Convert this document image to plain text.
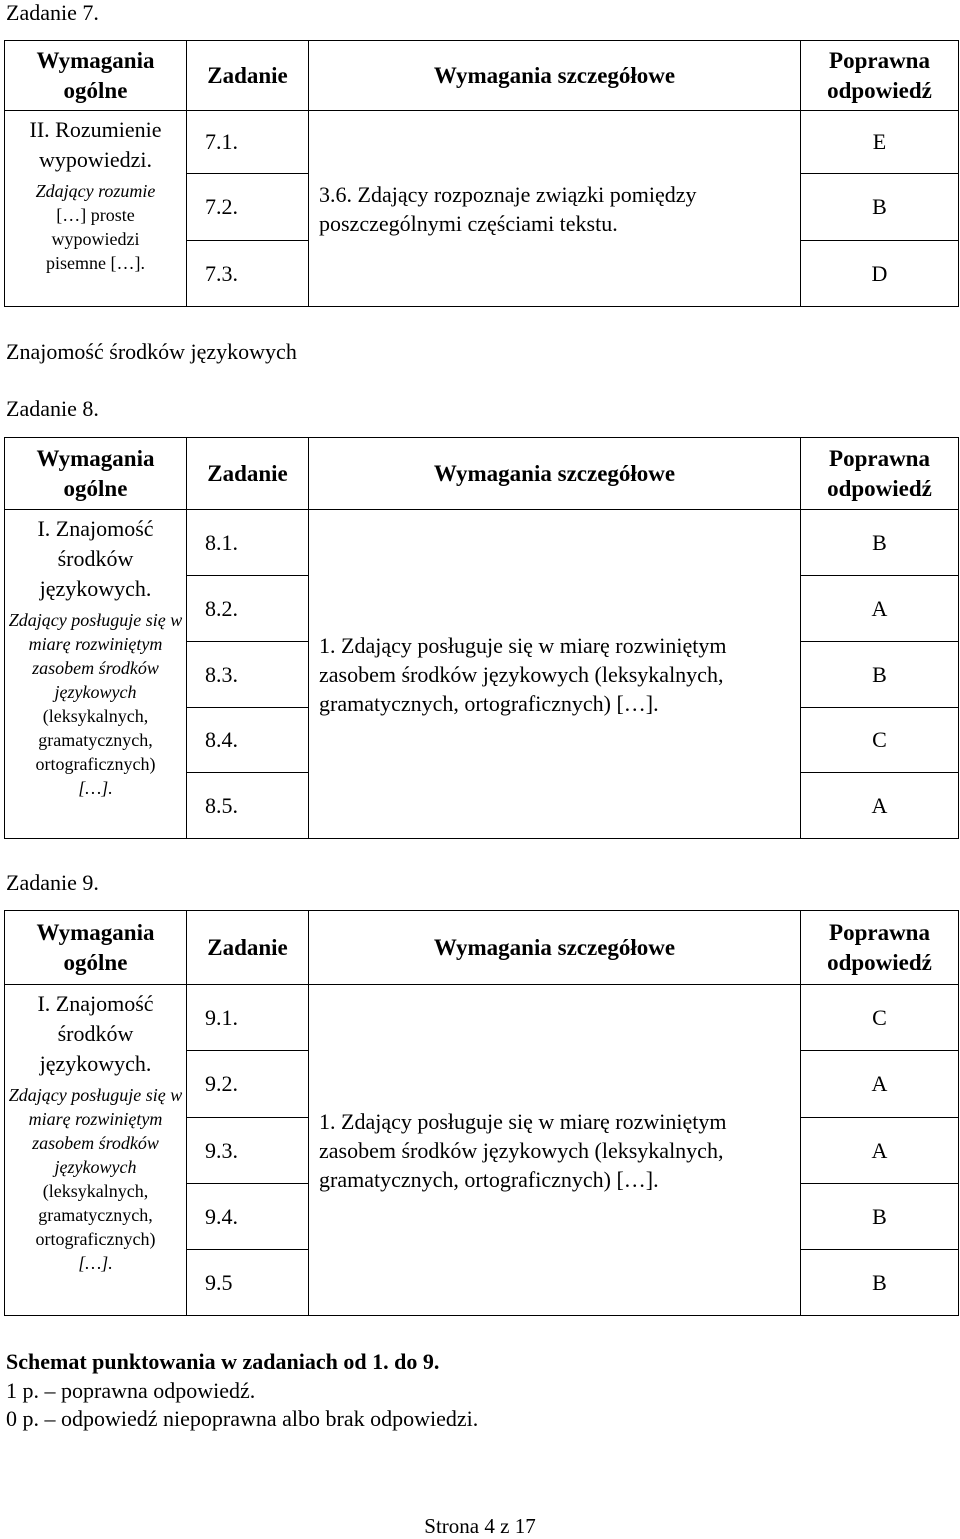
Zadanie 7.
Wymagania ogólne	Zadanie	Wymagania szczegółowe	Poprawna odpowiedź

II. Rozumienie wypowiedzi.
Zdający rozumie
[…] proste
wypowiedzi
pisemne […].	7.1.	3.6. Zdający rozpoznaje związki pomiędzy poszczególnymi częściami tekstu.	E
	7.2.		B
	7.3.		D
Znajomość środków językowych
Zadanie 8.
Wymagania ogólne	Zadanie	Wymagania szczegółowe	Poprawna odpowiedź

I. Znajomość środków językowych.
Zdający posługuje się w miarę rozwiniętym zasobem środków językowych
(leksykalnych, gramatycznych, ortograficznych)
[…].	8.1.	1. Zdający posługuje się w miarę rozwiniętym zasobem środków językowych (leksykalnych, gramatycznych, ortograficznych) […].	B
	8.2.		A
	8.3.		B
	8.4.		C
	8.5.		A
Zadanie 9.
Wymagania ogólne	Zadanie	Wymagania szczegółowe	Poprawna odpowiedź

I. Znajomość środków językowych.
Zdający posługuje się w miarę rozwiniętym zasobem środków językowych
(leksykalnych, gramatycznych, ortograficznych)
[…].	9.1.	1. Zdający posługuje się w miarę rozwiniętym zasobem środków językowych (leksykalnych, gramatycznych, ortograficznych) […].	C
	9.2.		A
	9.3.		A
	9.4.		B
	9.5		B
Schemat punktowania w zadaniach od 1. do 9.
1 p. – poprawna odpowiedź.
0 p. – odpowiedź niepoprawna albo brak odpowiedzi.
Strona 4 z 17
